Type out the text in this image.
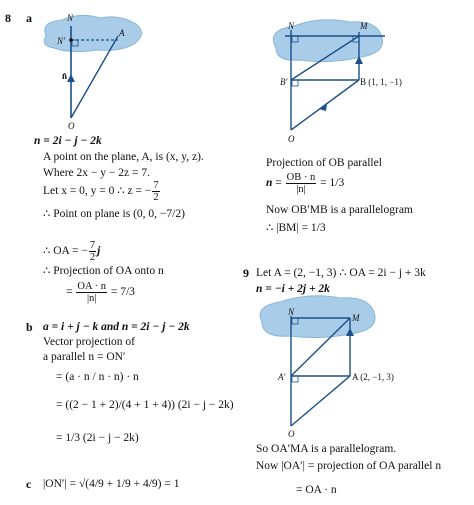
8 a	N
N′
A
n̂
O
N	M
B′	B (1, 1, −1)
O
N
M
A′	A (2, −1, 3)
O
n = 2i − j − 2k
A point on the plane, A, is (x, y, z).
Where 2x − y − 2z = 7.
Let x = 0, y = 0 ∴ z = − $\frac{7}{2}$
∴ Point on plane is (0, 0, −7/2)
∴ OA = − $\frac{7}{2}$ j
∴ Projection of OA onto n
= $\frac{OA \cdot n}{|n|} = 7/3$
b a = i + j − k and n = 2i − j − 2k
Vector projection of
a parallel n = ON′
= (a · n / n · n) · n
= ((2 − 1 + 2)/(4 + 1 + 4)) (2i − j − 2k)
= 1/3 (2i − j − 2k)
c |ON′| = √(4/9 + 1/9 + 4/9) = 1
Projection of OB parallel
$n = \frac{OB \cdot n}{|n|} = 1/3$
Now OB′MB is a parallelogram
∴ |BM| = 1/3
9 Let A = (2, −1, 3) ∴ OA = 2i − j + 3k
n = −i + 2j + 2k
So OA′MA is a parallelogram.
Now |OA′| = projection of OA parallel n
= OA · n
